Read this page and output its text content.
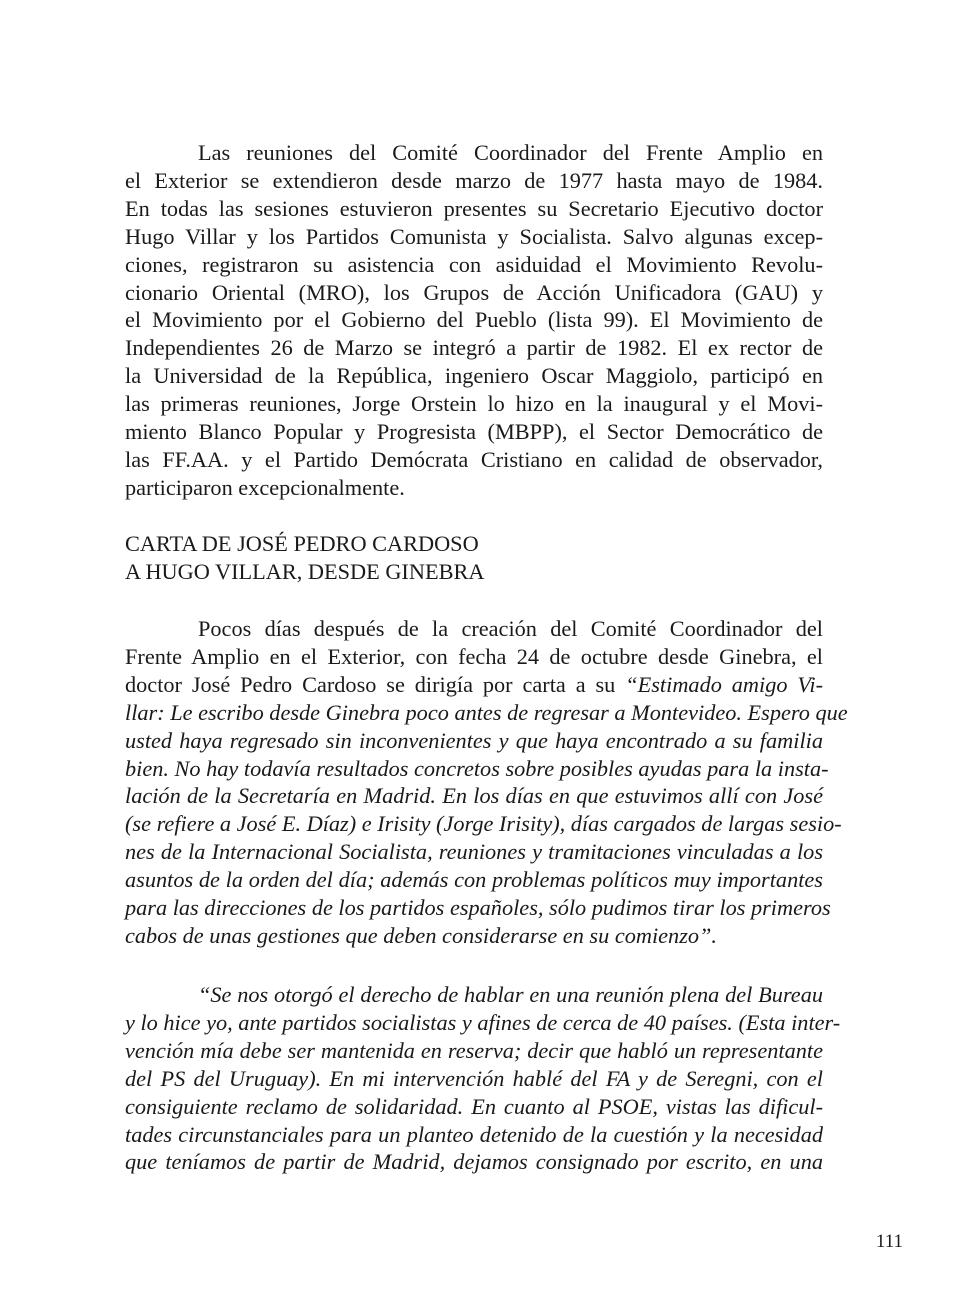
Las reuniones del Comité Coordinador del Frente Amplio en
el Exterior se extendieron desde marzo de 1977 hasta mayo de 1984.
En todas las sesiones estuvieron presentes su Secretario Ejecutivo doctor
Hugo Villar y los Partidos Comunista y Socialista. Salvo algunas excep-
ciones, registraron su asistencia con asiduidad el Movimiento Revolu-
cionario Oriental (MRO), los Grupos de Acción Unificadora (GAU) y
el Movimiento por el Gobierno del Pueblo (lista 99). El Movimiento de
Independientes 26 de Marzo se integró a partir de 1982. El ex rector de
la Universidad de la República, ingeniero Oscar Maggiolo, participó en
las primeras reuniones, Jorge Orstein lo hizo en la inaugural y el Movi-
miento Blanco Popular y Progresista (MBPP), el Sector Democrático de
las FF.AA. y el Partido Demócrata Cristiano en calidad de observador,
participaron excepcionalmente.
CARTA DE JOSÉ PEDRO CARDOSO
A HUGO VILLAR, DESDE GINEBRA
Pocos días después de la creación del Comité Coordinador del
Frente Amplio en el Exterior, con fecha 24 de octubre desde Ginebra, el
doctor José Pedro Cardoso se dirigía por carta a su “Estimado amigo Vi-
llar: Le escribo desde Ginebra poco antes de regresar a Montevideo. Espero que
usted haya regresado sin inconvenientes y que haya encontrado a su familia
bien. No hay todavía resultados concretos sobre posibles ayudas para la insta-
lación de la Secretaría en Madrid. En los días en que estuvimos allí con José
(se refiere a José E. Díaz) e Irisity (Jorge Irisity), días cargados de largas sesio-
nes de la Internacional Socialista, reuniones y tramitaciones vinculadas a los
asuntos de la orden del día; además con problemas políticos muy importantes
para las direcciones de los partidos españoles, sólo pudimos tirar los primeros
cabos de unas gestiones que deben considerarse en su comienzo”.
“Se nos otorgó el derecho de hablar en una reunión plena del Bureau
y lo hice yo, ante partidos socialistas y afines de cerca de 40 países. (Esta inter-
vención mía debe ser mantenida en reserva; decir que habló un representante
del PS del Uruguay). En mi intervención hablé del FA y de Seregni, con el
consiguiente reclamo de solidaridad. En cuanto al PSOE, vistas las dificul-
tades circunstanciales para un planteo detenido de la cuestión y la necesidad
que teníamos de partir de Madrid, dejamos consignado por escrito, en una
111
